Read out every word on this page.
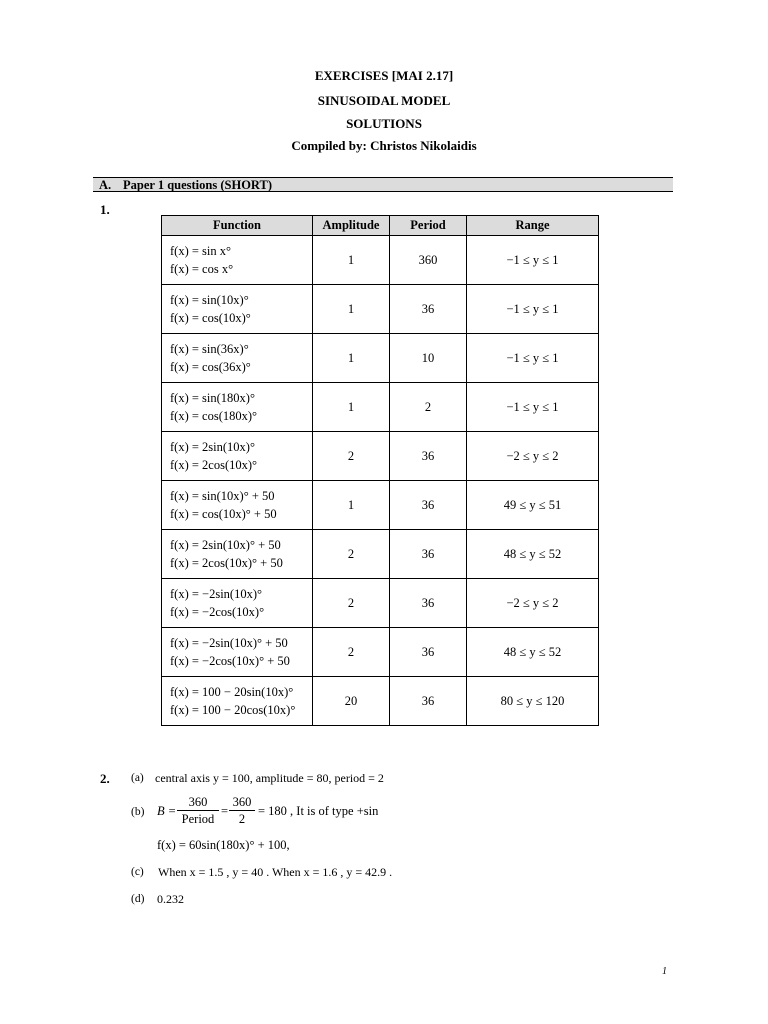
EXERCISES [MAI 2.17]
SINUSOIDAL MODEL
SOLUTIONS
Compiled by: Christos Nikolaidis
A. Paper 1 questions (SHORT)
1.
Function	Amplitude	Period	Range

f(x) = sin x°
f(x) = cos x°	1	360	−1 ≤ y ≤ 1

f(x) = sin(10x)°
f(x) = cos(10x)°	1	36	−1 ≤ y ≤ 1

f(x) = sin(36x)°
f(x) = cos(36x)°	1	10	−1 ≤ y ≤ 1

f(x) = sin(180x)°
f(x) = cos(180x)°	1	2	−1 ≤ y ≤ 1

f(x) = 2sin(10x)°
f(x) = 2cos(10x)°	2	36	−2 ≤ y ≤ 2

f(x) = sin(10x)° + 50
f(x) = cos(10x)° + 50	1	36	49 ≤ y ≤ 51

f(x) = 2sin(10x)° + 50
f(x) = 2cos(10x)° + 50	2	36	48 ≤ y ≤ 52

f(x) = −2sin(10x)°
f(x) = −2cos(10x)°	2	36	−2 ≤ y ≤ 2

f(x) = −2sin(10x)° + 50
f(x) = −2cos(10x)° + 50	2	36	48 ≤ y ≤ 52

f(x) = 100 − 20sin(10x)°
f(x) = 100 − 20cos(10x)°	20	36	80 ≤ y ≤ 120
2. (a) central axis y = 100, amplitude = 80, period = 2
(b) B =
360
Period
= $\frac{360}{2} = 180$ , It is of type +sin
f(x) = 60sin(180x)° + 100,
(c) When x = 1.5 , y = 40 . When x = 1.6 , y = 42.9 .
(d) 0.232
1
